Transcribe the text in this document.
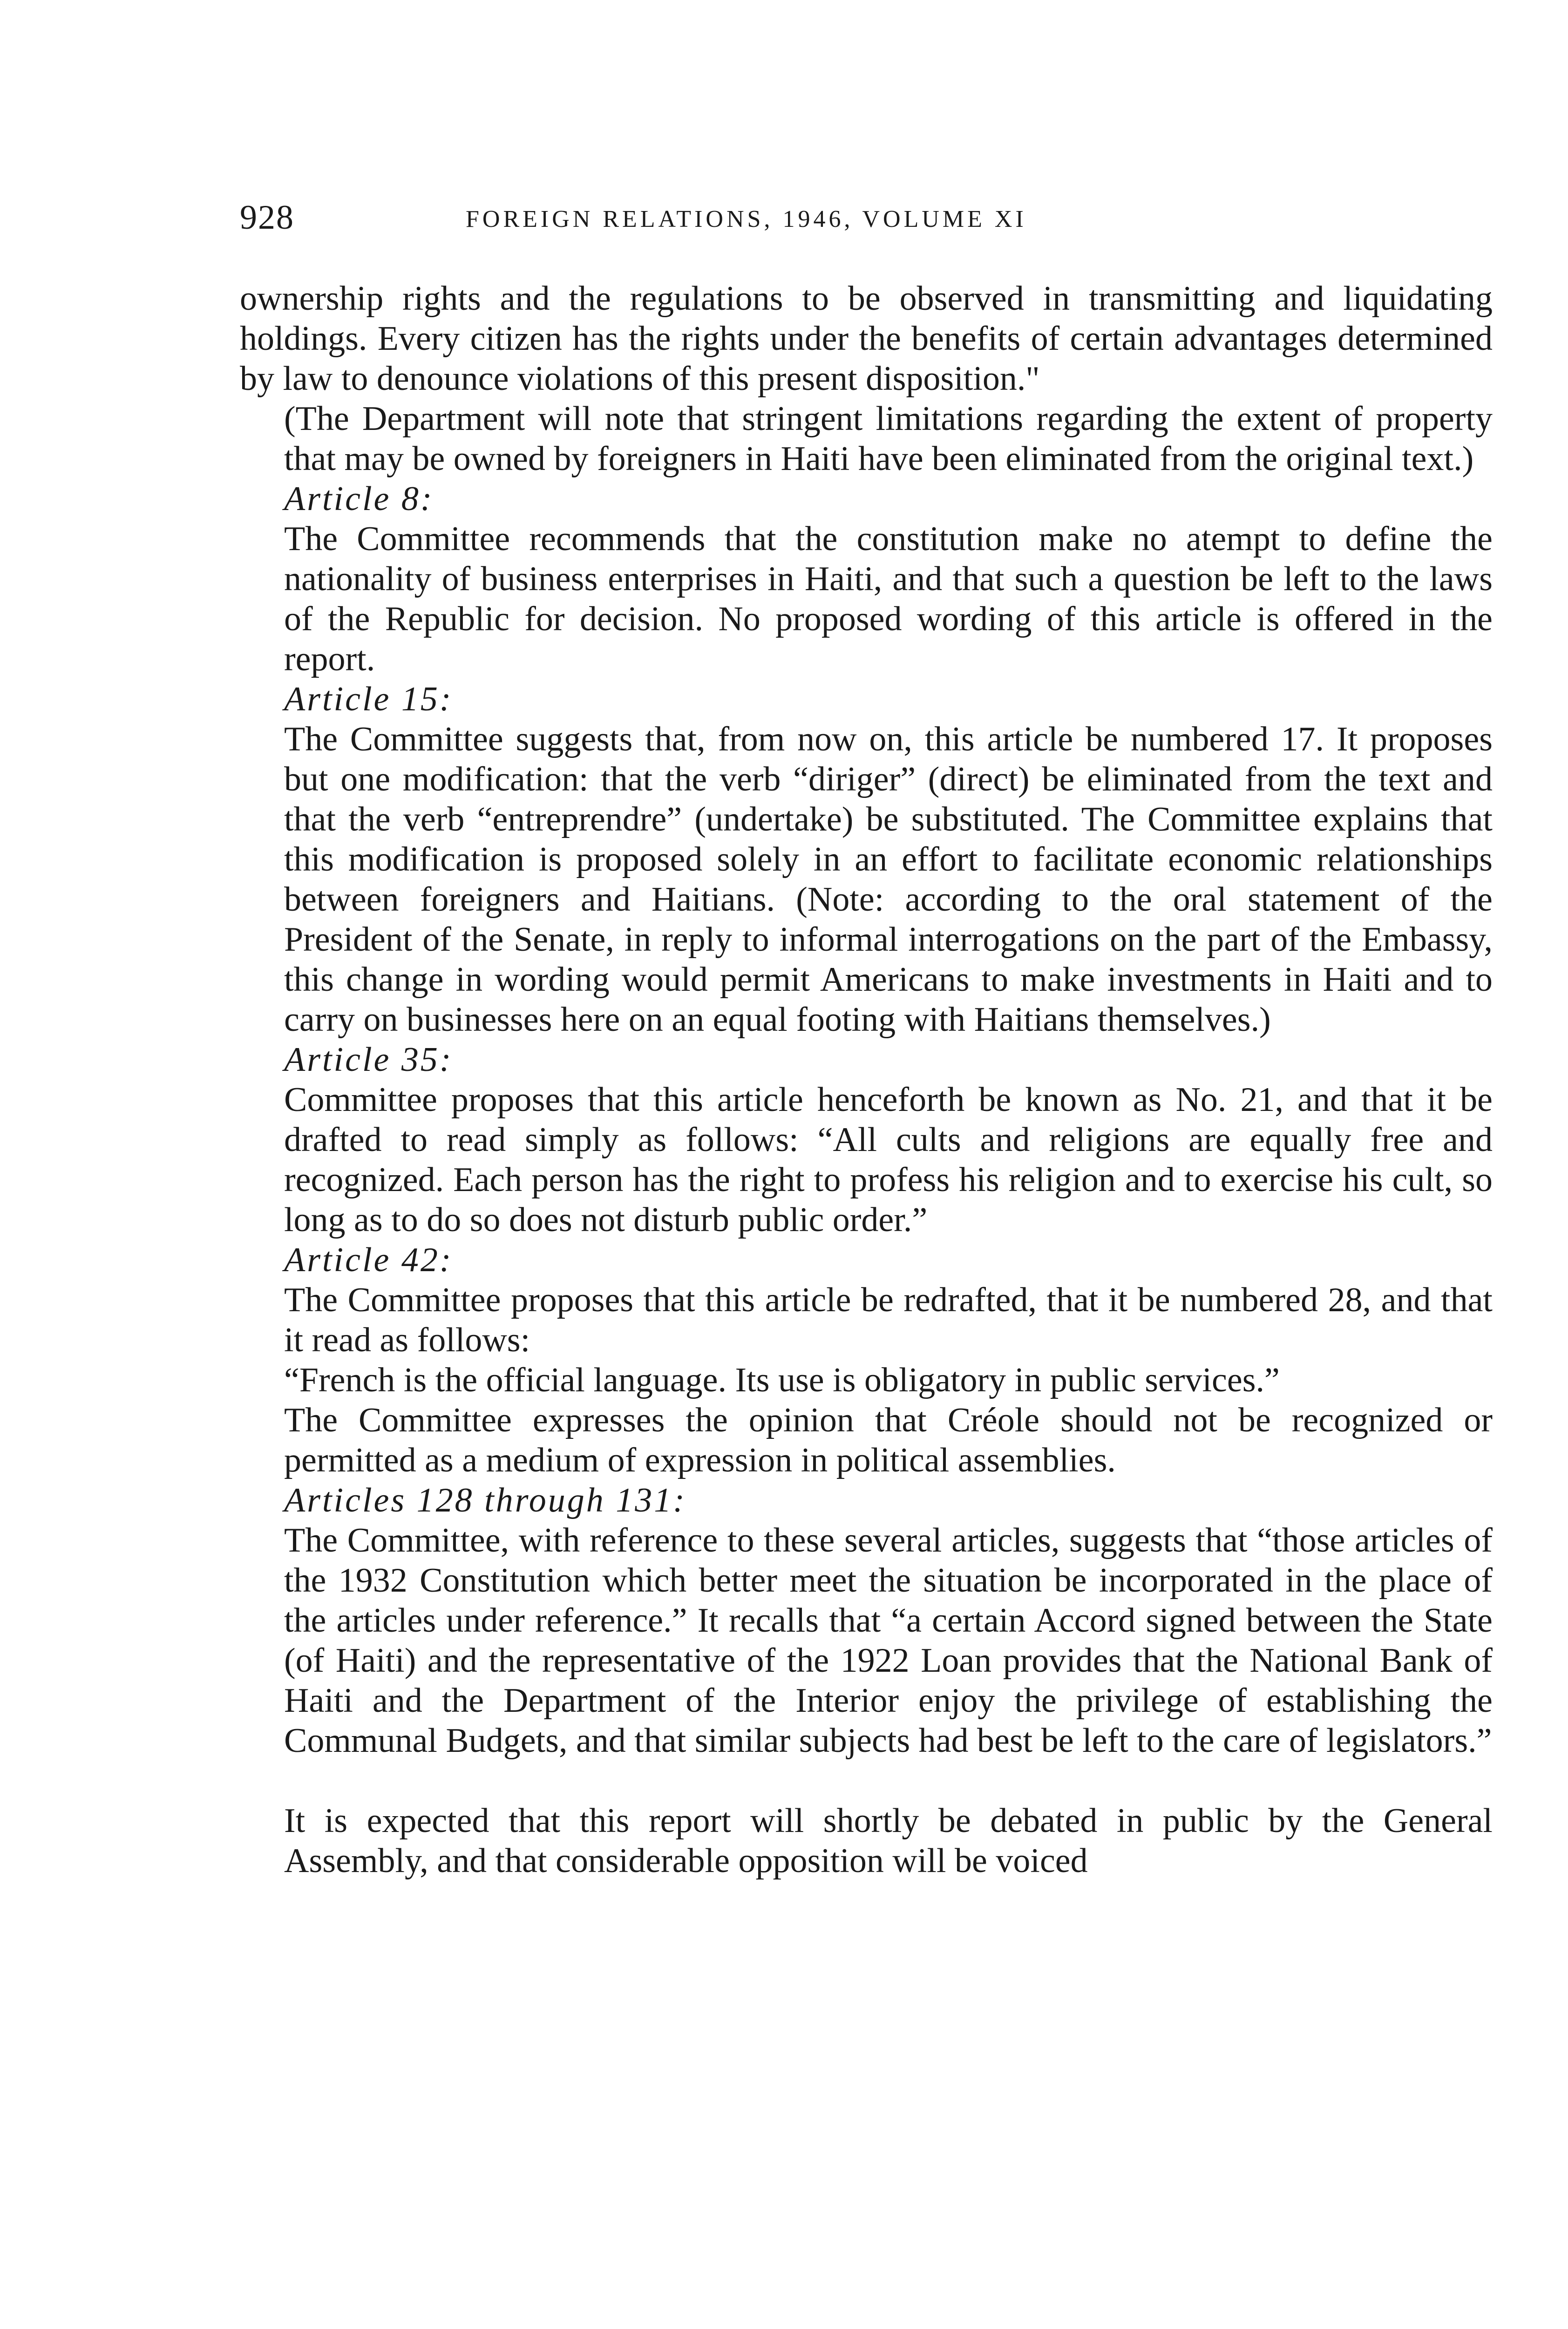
928	FOREIGN RELATIONS, 1946, VOLUME XI

ownership rights and the regulations to be observed in transmitting and liquidating holdings. Every citizen has the rights under the benefits of certain advantages determined by law to denounce violations of this present disposition."

(The Department will note that stringent limitations regarding the extent of property that may be owned by foreigners in Haiti have been eliminated from the original text.)

Article 8:

The Committee recommends that the constitution make no atempt to define the nationality of business enterprises in Haiti, and that such a question be left to the laws of the Republic for decision. No proposed wording of this article is offered in the report.

Article 15:

The Committee suggests that, from now on, this article be numbered 17. It proposes but one modification: that the verb “diriger” (direct) be eliminated from the text and that the verb “entreprendre” (undertake) be substituted. The Committee explains that this modification is proposed solely in an effort to facilitate economic relationships between foreigners and Haitians. (Note: according to the oral statement of the President of the Senate, in reply to informal interrogations on the part of the Embassy, this change in wording would permit Americans to make investments in Haiti and to carry on businesses here on an equal footing with Haitians themselves.)

Article 35:

Committee proposes that this article henceforth be known as No. 21, and that it be drafted to read simply as follows: “All cults and religions are equally free and recognized. Each person has the right to profess his religion and to exercise his cult, so long as to do so does not disturb public order.”

Article 42:

The Committee proposes that this article be redrafted, that it be numbered 28, and that it read as follows:

“French is the official language. Its use is obligatory in public services.”

The Committee expresses the opinion that Créole should not be recognized or permitted as a medium of expression in political assemblies.

Articles 128 through 131:

The Committee, with reference to these several articles, suggests that “those articles of the 1932 Constitution which better meet the situation be incorporated in the place of the articles under reference.” It recalls that “a certain Accord signed between the State (of Haiti) and the representative of the 1922 Loan provides that the National Bank of Haiti and the Department of the Interior enjoy the privilege of establishing the Communal Budgets, and that similar subjects had best be left to the care of legislators.”

It is expected that this report will shortly be debated in public by the General Assembly, and that considerable opposition will be voiced
